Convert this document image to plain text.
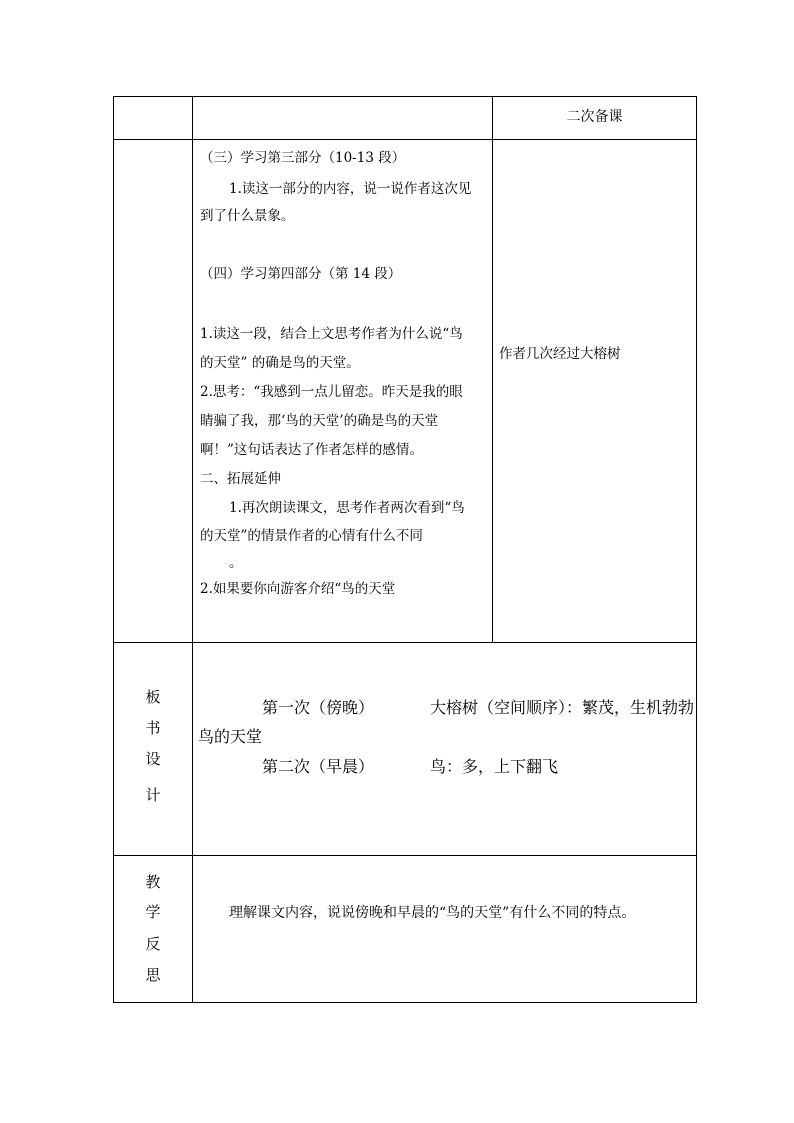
二次备课
（三）学习第三部分（10-13 段）
1.读这一部分的内容，说一说作者这次见
到了什么景象。
（四）学习第四部分（第 14 段）
1.读这一段，结合上文思考作者为什么说“鸟
的天堂” 的确是鸟的天堂。
2.思考：“我感到一点儿留恋。昨天是我的眼
睛骗了我，那‘鸟的天堂’的确是鸟的天堂
啊！”这句话表达了作者怎样的感情。
二、拓展延伸
1.再次朗读课文，思考作者两次看到“鸟
的天堂”的情景作者的心情有什么不同
。
2.如果要你向游客介绍“鸟的天堂
作者几次经过大榕树
板
书
设
计
第一次（傍晚）	大榕树（空间顺序）：繁茂，生机勃勃
鸟的天堂
第二次（早晨）	鸟：多，上下翻飞
教
学
反
思
理解课文内容，说说傍晚和早晨的“鸟的天堂”有什么不同的特点。
